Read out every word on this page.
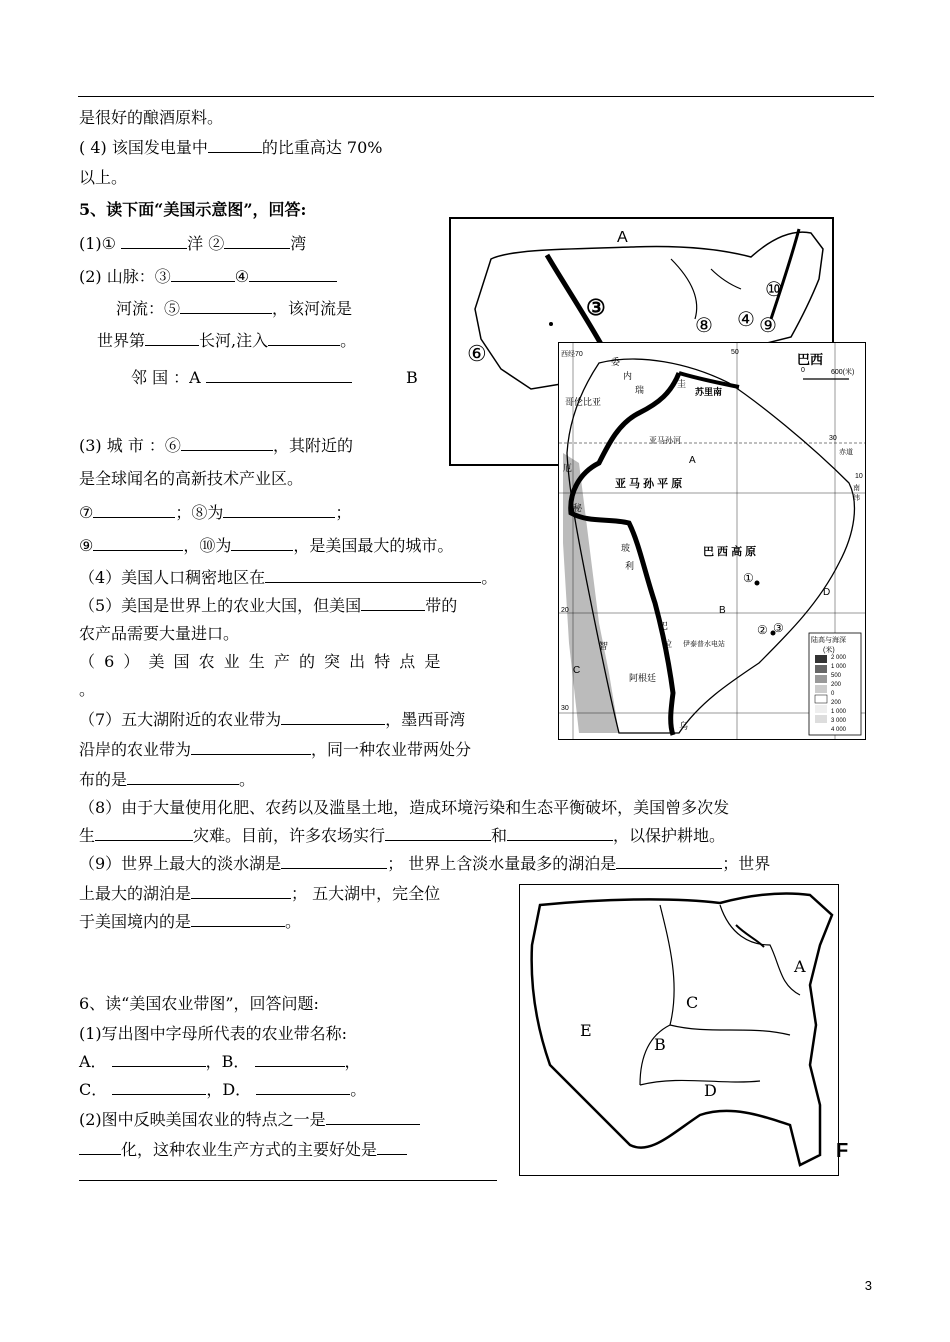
是很好的酿酒原料。
( 4) 该国发电量中	的比重高达 70%
以上。
5、读下面“美国示意图”，回答:
(1)①	洋 ②	湾
(2) 山脉：③	④
河流：⑤	，该河流是
世界第	长河,注入	。
邻 国 ：A	B
(3) 城 市 ：⑥	，其附近的
是全球闻名的高新技术产业区。
⑦	；⑧为	；
⑨	，⑩为	，是美国最大的城市。
（4）美国人口稠密地区在	。
（5）美国是世界上的农业大国，但美国	带的
农产品需要大量进口。
（ 6 ） 美 国 农 业 生 产 的 突 出 特 点 是
。
（7）五大湖附近的农业带为	，墨西哥湾
沿岸的农业带为	，同一种农业带两处分
布的是	。
（8）由于大量使用化肥、农药以及滥垦土地，造成环境污染和生态平衡破坏，美国曾多次发
生	灾难。目前，许多农场实行	和	，以保护耕地。
（9）世界上最大的淡水湖是	； 世界上含淡水量最多的湖泊是	；世界
上最大的湖泊是	； 五大湖中，完全位
于美国境内的是	。
6、读“美国农业带图”，回答问题:
(1)写出图中字母所代表的农业带名称:
A．	，B．	，
C．	，D．	。
(2)图中反映美国农业的特点之一是
化，这种农业生产方式的主要好处是
A
③
⑥
⑧ ④ ⑨
⑩
巴西
0	600(米)
西经70	50
30
赤道
10
南纬
20
30
委
内
瑞
圭
苏里南
哥伦比亚
厄
秘
玻
利
巴
拉
阿根廷
智
乌
亚马孙河
亚 马 孙 平 原
巴 西 高 原
伊泰普水电站
A
B
C
D
①
② ③
陆高与海深
(米)
2 000
1 000
500
200
0
200
1 000
3 000
4 000
A
B
C
D
E
F
3
